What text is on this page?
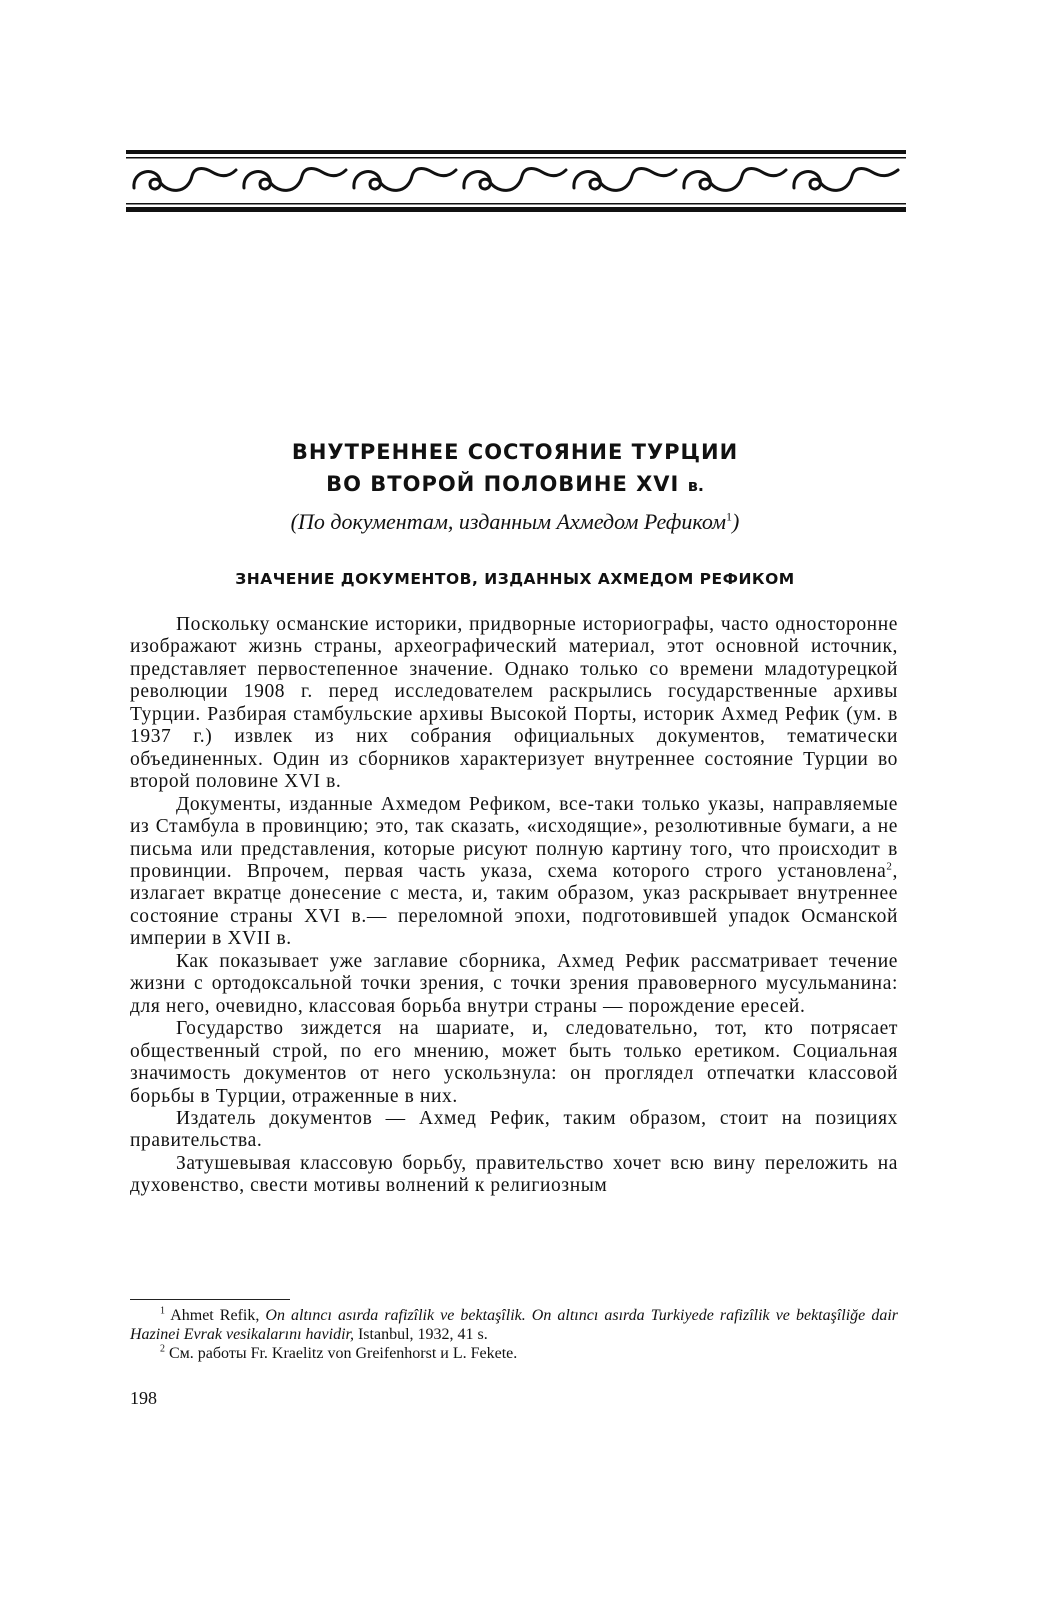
ВНУТРЕННЕЕ СОСТОЯНИЕ ТУРЦИИ
ВО ВТОРОЙ ПОЛОВИНЕ XVI в.
(По документам, изданным Ахмедом Рефиком$^1$)
ЗНАЧЕНИЕ ДОКУМЕНТОВ, ИЗДАННЫХ АХМЕДОМ РЕФИКОМ

Поскольку османские историки, придворные историографы, часто односторонне изображают жизнь страны, археографический материал, этот основной источник, представляет первостепенное значение. Однако только со времени младотурецкой революции 1908 г. перед исследователем раскрылись государственные архивы Турции. Разбирая стамбульские архивы Высокой Порты, историк Ахмед Рефик (ум. в 1937 г.) извлек из них собрания официальных документов, тематически объединенных. Один из сборников характеризует внутреннее состояние Турции во второй половине XVI в.

Документы, изданные Ахмедом Рефиком, все-таки только указы, направляемые из Стамбула в провинцию; это, так сказать, «исходящие», резолютивные бумаги, а не письма или представления, которые рисуют полную картину того, что происходит в провинции. Впрочем, первая часть указа, схема которого строго установлена$^2$, излагает вкратце донесение с места, и, таким образом, указ раскрывает внутреннее состояние страны XVI в.— переломной эпохи, подготовившей упадок Османской империи в XVII в.

Как показывает уже заглавие сборника, Ахмед Рефик рассматривает течение жизни с ортодоксальной точки зрения, с точки зрения правоверного мусульманина: для него, очевидно, классовая борьба внутри страны — порождение ересей.

Государство зиждется на шариате, и, следовательно, тот, кто потрясает общественный строй, по его мнению, может быть только еретиком. Социальная значимость документов от него ускользнула: он проглядел отпечатки классовой борьбы в Турции, отраженные в них.

Издатель документов — Ахмед Рефик, таким образом, стоит на позициях правительства.

Затушевывая классовую борьбу, правительство хочет всю вину переложить на духовенство, свести мотивы волнений к религиозным

$^1$ Ahmet Refik, On altıncı asırda rafizîlik ve bektaşîlik. On altıncı asırda Turkiyede rafizîlik ve bektaşîliğe dair Hazinei Evrak vesikalarını havidir, Istanbul, 1932, 41 s.

$^2$ См. работы Fr. Kraelitz von Greifenhorst и L. Fekete.

198
